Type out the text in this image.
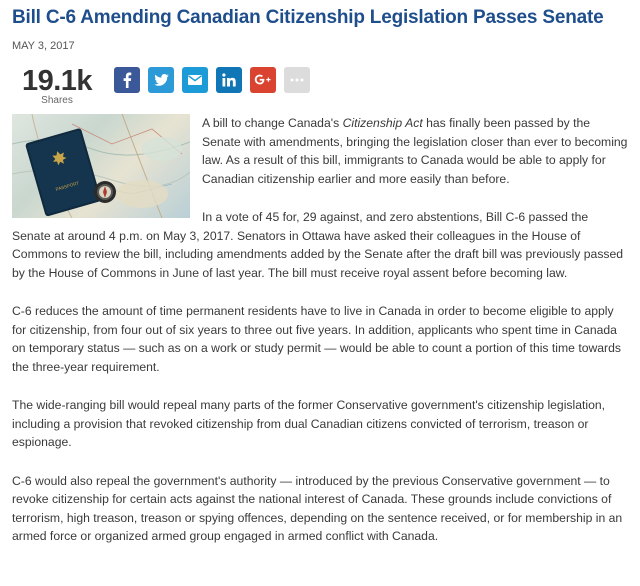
Bill C-6 Amending Canadian Citizenship Legislation Passes Senate
MAY 3, 2017
19.1k
Shares
PASSPORT

A bill to change Canada's Citizenship Act has finally been passed by the Senate with amendments, bringing the legislation closer than ever to becoming law. As a result of this bill, immigrants to Canada would be able to apply for Canadian citizenship earlier and more easily than before.

In a vote of 45 for, 29 against, and zero abstentions, Bill C-6 passed the Senate at around 4 p.m. on May 3, 2017. Senators in Ottawa have asked their colleagues in the House of Commons to review the bill, including amendments added by the Senate after the draft bill was previously passed by the House of Commons in June of last year. The bill must receive royal assent before becoming law.

C-6 reduces the amount of time permanent residents have to live in Canada in order to become eligible to apply for citizenship, from four out of six years to three out five years. In addition, applicants who spent time in Canada on temporary status — such as on a work or study permit — would be able to count a portion of this time towards the three-year requirement.

The wide-ranging bill would repeal many parts of the former Conservative government's citizenship legislation, including a provision that revoked citizenship from dual Canadian citizens convicted of terrorism, treason or espionage.

C-6 would also repeal the government's authority — introduced by the previous Conservative government — to revoke citizenship for certain acts against the national interest of Canada. These grounds include convictions of terrorism, high treason, treason or spying offences, depending on the sentence received, or for membership in an armed force or organized armed group engaged in armed conflict with Canada.
